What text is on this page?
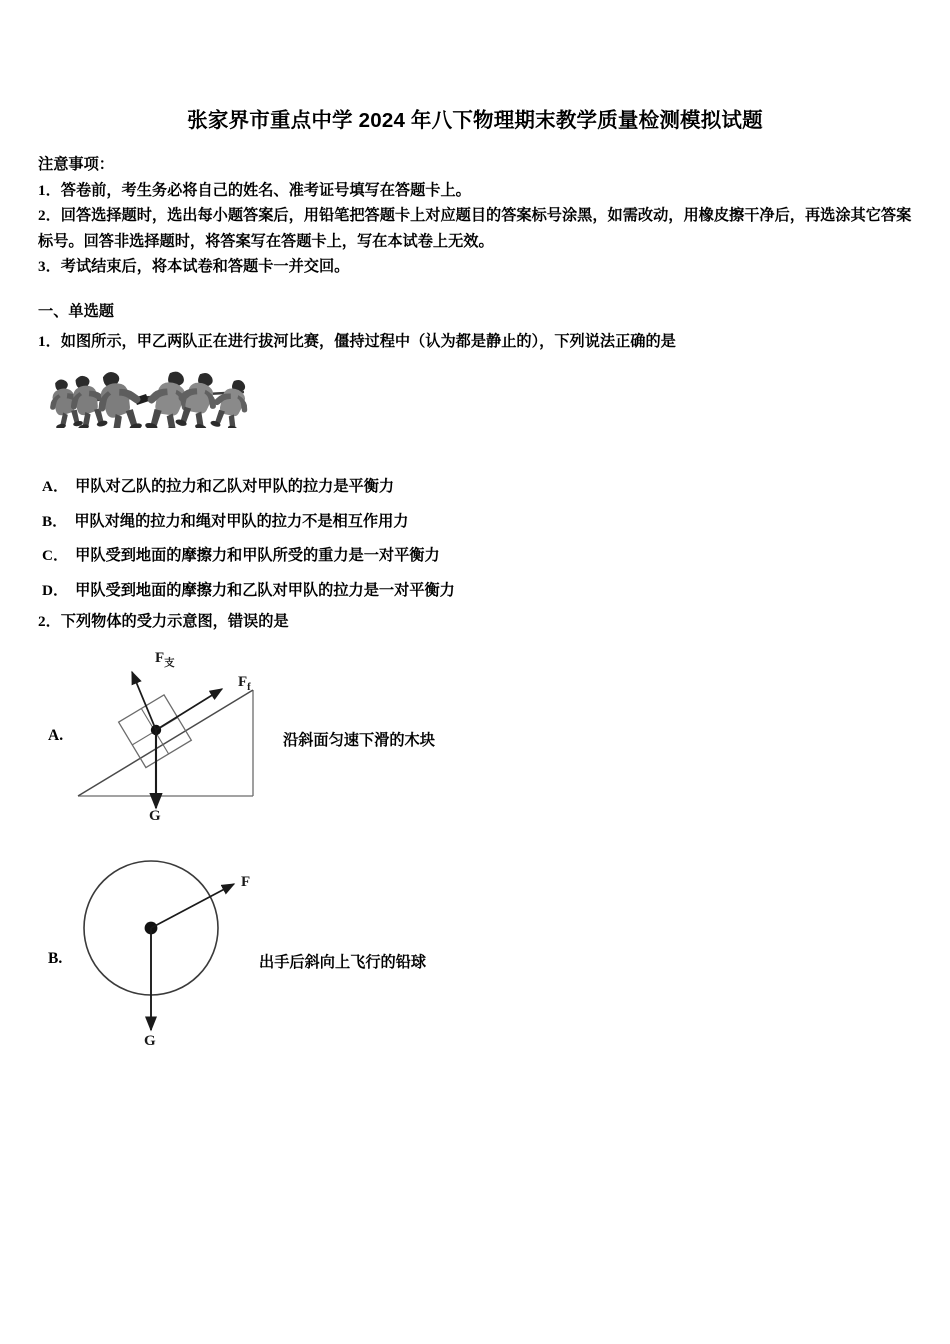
张家界市重点中学 2024 年八下物理期末教学质量检测模拟试题
注意事项：
1．答卷前，考生务必将自己的姓名、准考证号填写在答题卡上。
2．回答选择题时，选出每小题答案后，用铅笔把答题卡上对应题目的答案标号涂黑，如需改动，用橡皮擦干净后，再选涂其它答案标号。回答非选择题时，将答案写在答题卡上，写在本试卷上无效。
3．考试结束后，将本试卷和答题卡一并交回。
一、单选题
1．如图所示，甲乙两队正在进行拔河比赛，僵持过程中（认为都是静止的），下列说法正确的是
A． 甲队对乙队的拉力和乙队对甲队的拉力是平衡力
B． 甲队对绳的拉力和绳对甲队的拉力不是相互作用力
C． 甲队受到地面的摩擦力和甲队所受的重力是一对平衡力
D． 甲队受到地面的摩擦力和乙队对甲队的拉力是一对平衡力
2．下列物体的受力示意图，错误的是
A.
$F_支$
$F_f$
G
沿斜面匀速下滑的木块
B.
F
G
出手后斜向上飞行的铅球
